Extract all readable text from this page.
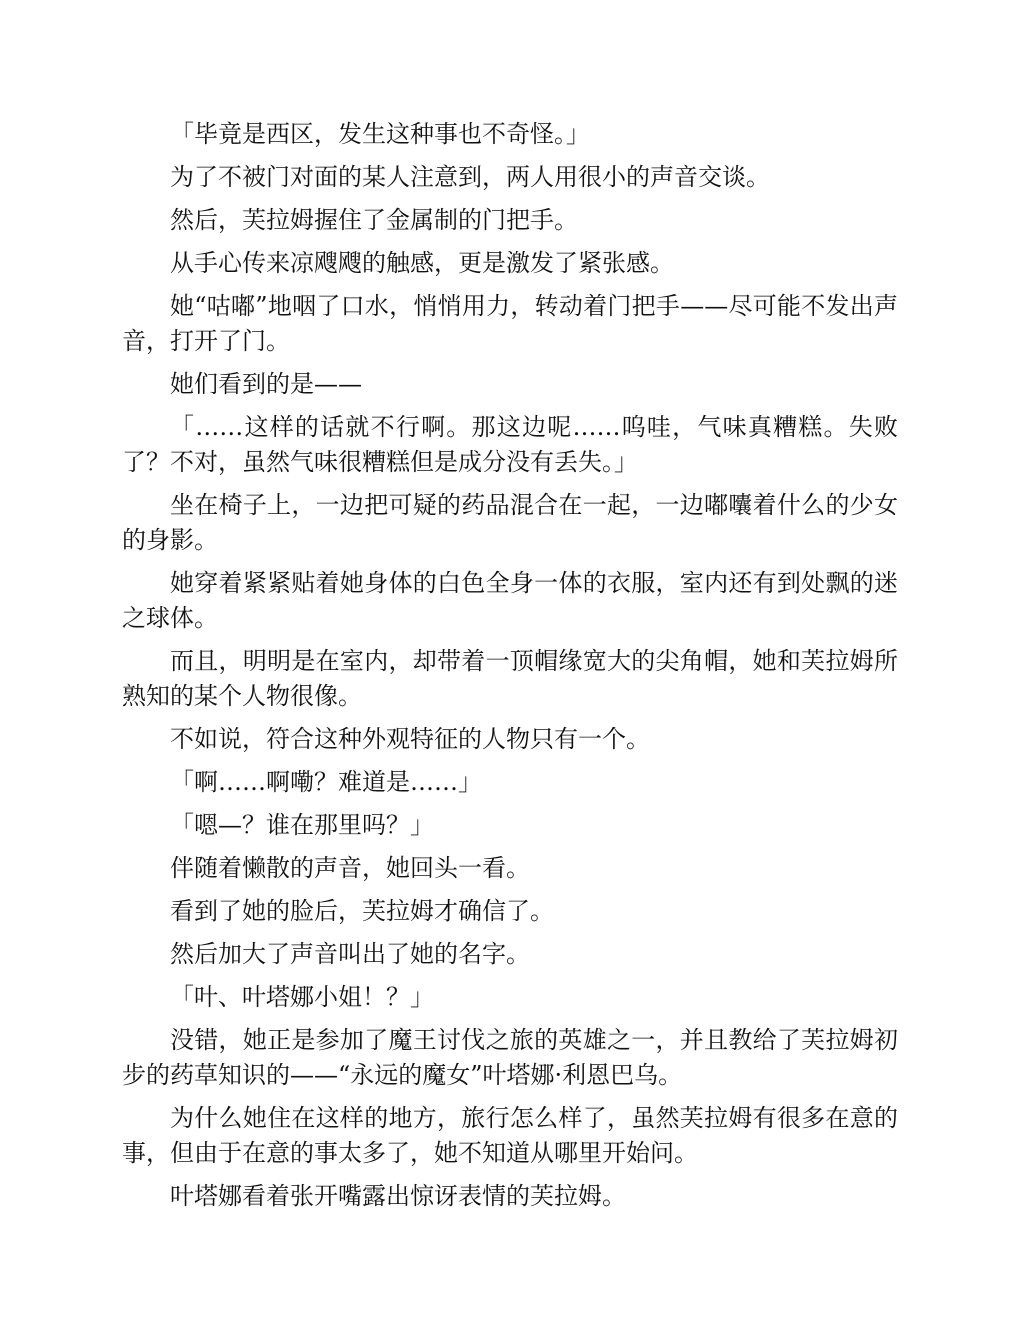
「毕竟是西区，发生这种事也不奇怪。」

为了不被门对面的某人注意到，两人用很小的声音交谈。

然后，芙拉姆握住了金属制的门把手。

从手心传来凉飕飕的触感，更是激发了紧张感。

她“咕嘟”地咽了口水，悄悄用力，转动着门把手——尽可能不发出声音，打开了门。

她们看到的是——

「……这样的话就不行啊。那这边呢……呜哇，气味真糟糕。失败了？不对，虽然气味很糟糕但是成分没有丢失。」

坐在椅子上，一边把可疑的药品混合在一起，一边嘟囔着什么的少女的身影。

她穿着紧紧贴着她身体的白色全身一体的衣服，室内还有到处飘的迷之球体。

而且，明明是在室内，却带着一顶帽缘宽大的尖角帽，她和芙拉姆所熟知的某个人物很像。

不如说，符合这种外观特征的人物只有一个。

「啊……啊嘞？难道是……」

「嗯—？谁在那里吗？」

伴随着懒散的声音，她回头一看。

看到了她的脸后，芙拉姆才确信了。

然后加大了声音叫出了她的名字。

「叶、叶塔娜小姐！？」

没错，她正是参加了魔王讨伐之旅的英雄之一，并且教给了芙拉姆初步的药草知识的——“永远的魔女”叶塔娜·利恩巴乌。

为什么她住在这样的地方，旅行怎么样了，虽然芙拉姆有很多在意的事，但由于在意的事太多了，她不知道从哪里开始问。

叶塔娜看着张开嘴露出惊讶表情的芙拉姆。
